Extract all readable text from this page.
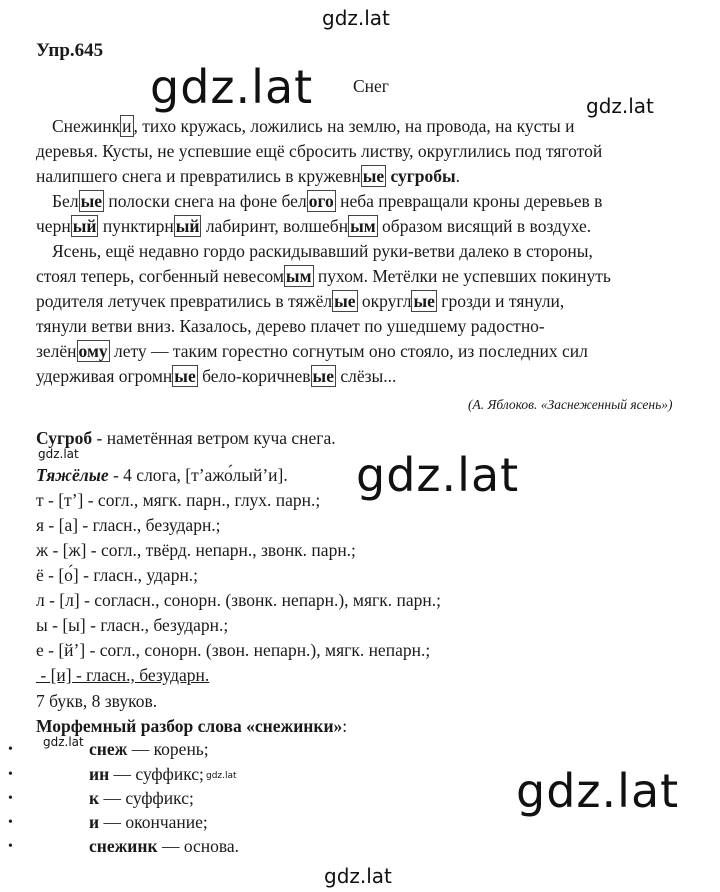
gdz.lat
gdz.lat	gdz.lat
gdz.lat	gdz.lat
gdz.lat
gdz.lat	gdz.lat
gdz.lat
Упр.645
Снег
Снежинк и , тихо кружась, ложились на землю, на провода, на кусты и
деревья. Кусты, не успевшие ещё сбросить листву, округлились под тяготой
налипшего снега и превратились в кружевн ые сугробы.
Бел ые полоски снега на фоне бел ого неба превращали кроны деревьев в
черн ый пунктирн ый лабиринт, волшебн ым образом висящий в воздухе.
Ясень, ещё недавно гордо раскидывавший руки-ветви далеко в стороны,
стоял теперь, согбенный невесом ым пухом. Метёлки не успевших покинуть
родителя летучек превратились в тяжёл ые округл ые грозди и тянули,
тянули ветви вниз. Казалось, дерево плачет по ушедшему радостно-
зелён ому лету — таким горестно согнутым оно стояло, из последних сил
удерживая огромн ые бело-коричнев ые слёзы...
(А. Яблоков. «Заснеженный ясень»)
Сугроб - наметённая ветром куча снега.
Тяжёлые - 4 слога, [т’ажо́лый’и].
т - [т’] - согл., мягк. парн., глух. парн.;
я - [а] - гласн., безударн.;
ж - [ж] - согл., твёрд. непарн., звонк. парн.;
ё - [о́] - гласн., ударн.;
л - [л] - согласн., сонорн. (звонк. непарн.), мягк. парн.;
ы - [ы] - гласн., безударн.;
е - [й’] - согл., сонорн. (звон. непарн.), мягк. непарн.;
- [и] - гласн., безударн.
7 букв, 8 звуков.
Морфемный разбор слова «снежинки»:
•	снеж — корень;
•	ин — суффикс;
•	к — суффикс;
•	и — окончание;
•	снежинк — основа.
